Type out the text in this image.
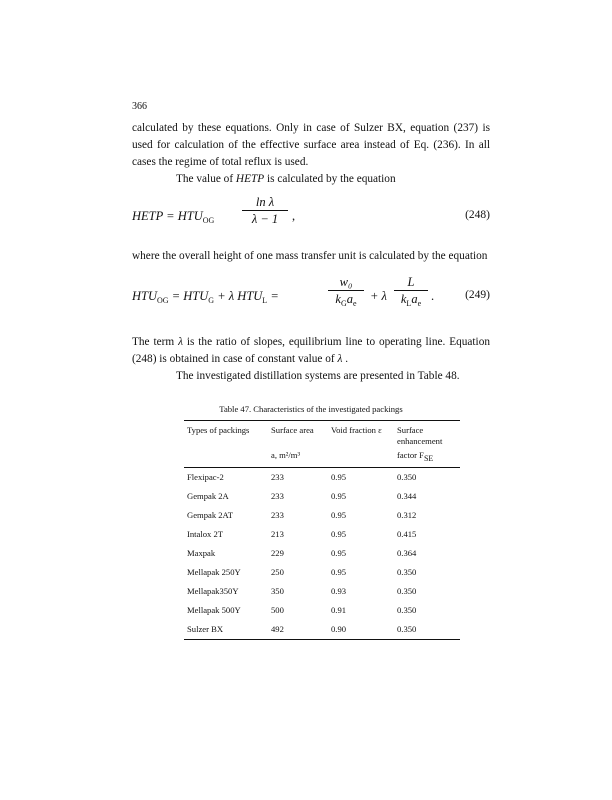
366

calculated by these equations. Only in case of Sulzer BX, equation (237) is used for calculation of the effective surface area instead of Eq. (236). In all cases the regime of total reflux is used.
The value of HETP is calculated by the equation

HETP = $HTU_{OG} \frac{\text{ln λ}}{\lambda - 1}$ ,	(248)

where the overall height of one mass transfer unit is calculated by the equation

$HTU_{OG} = HTU_G + \lambda$ $HTU_L$ =
w₀
$k_Ga_e$
+ λ
L
$k_La_e$
.	(249)

The term λ is the ratio of slopes, equilibrium line to operating line. Equation (248) is obtained in case of constant value of λ .
The investigated distillation systems are presented in Table 48.

Table 47. Characteristics of the investigated packings
Types of packings	Surface area	Void fraction ε	Surface enhancement
	a, m²/m³		factor $F_{SE}$
Flexipac-2	233	0.95	0.350
Gempak 2A	233	0.95	0.344
Gempak 2AT	233	0.95	0.312
Intalox 2T	213	0.95	0.415
Maxpak	229	0.95	0.364
Mellapak 250Y	250	0.95	0.350
Mellapak350Y	350	0.93	0.350
Mellapak 500Y	500	0.91	0.350
Sulzer BX	492	0.90	0.350
